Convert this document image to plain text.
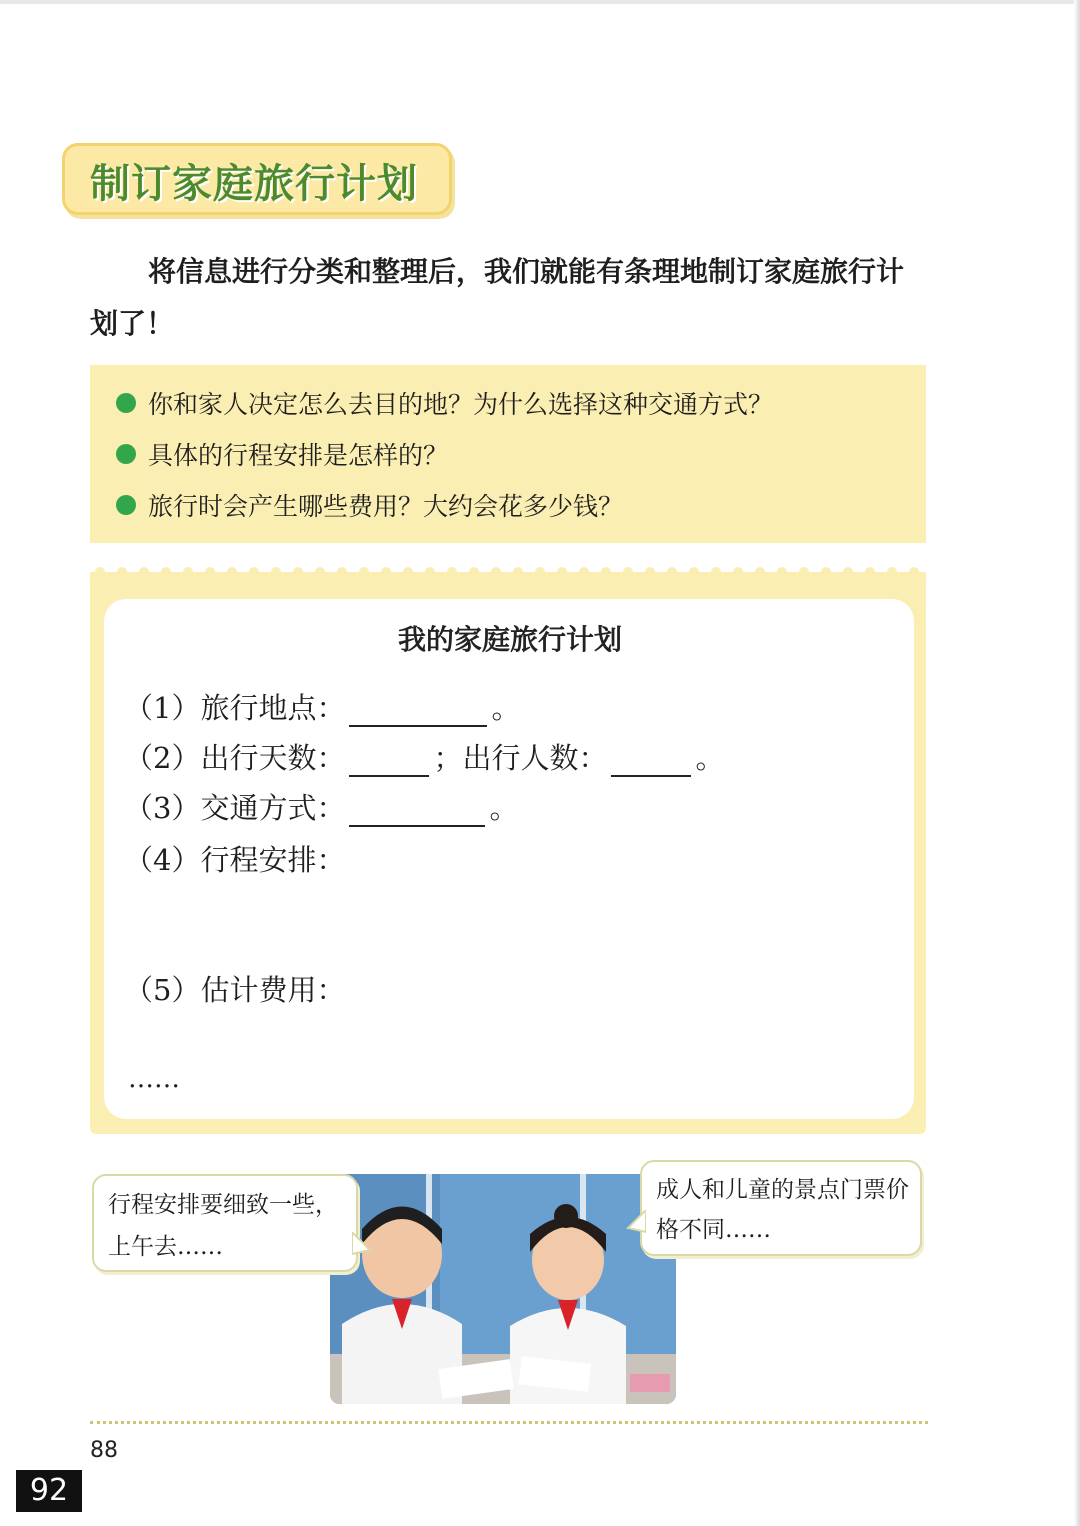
制订家庭旅行计划
将信息进行分类和整理后，我们就能有条理地制订家庭旅行计划了！
你和家人决定怎么去目的地？为什么选择这种交通方式？
具体的行程安排是怎样的？
旅行时会产生哪些费用？大约会花多少钱？
我的家庭旅行计划
（1）旅行地点：	。
（2）出行天数：	；出行人数：	。
（3）交通方式：	。
（4）行程安排：
（5）估计费用：
……
行程安排要细致一些，上午去……
成人和儿童的景点门票价格不同……
88
92
